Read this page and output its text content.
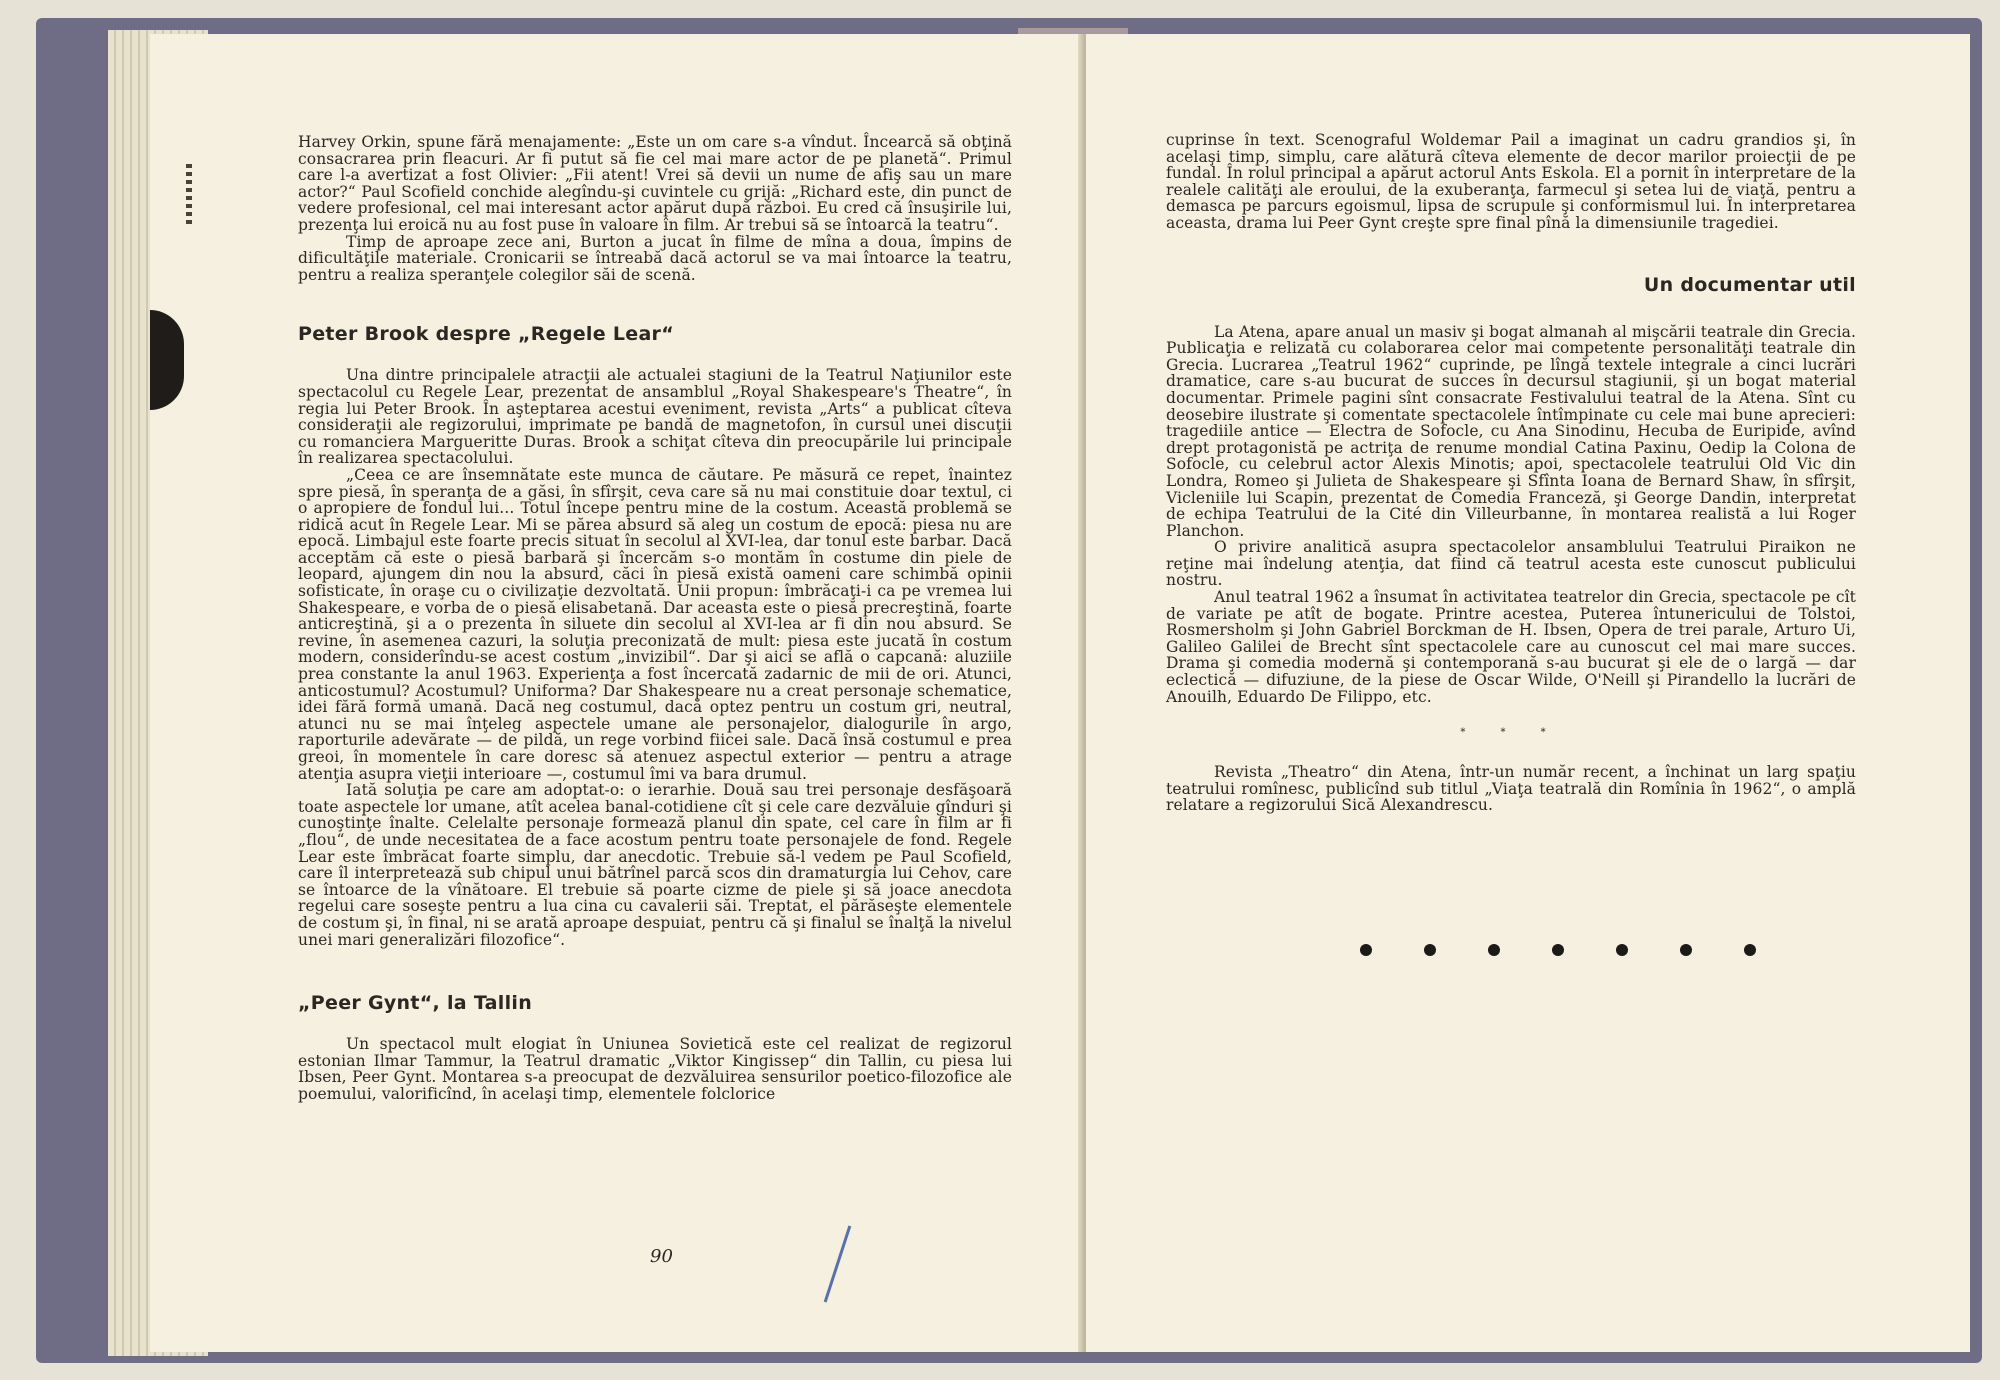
Harvey Orkin, spune fără menajamente: „Este un om care s-a vîndut. Încearcă să obţină consacrarea prin fleacuri. Ar fi putut să fie cel mai mare actor de pe planetă“. Primul care l-a avertizat a fost Olivier: „Fii atent! Vrei să devii un nume de afiş sau un mare actor?“ Paul Scofield conchide alegîndu-şi cuvintele cu grijă: „Richard este, din punct de vedere profesional, cel mai interesant actor apărut după război. Eu cred că însuşirile lui, prezenţa lui eroică nu au fost puse în valoare în film. Ar trebui să se întoarcă la teatru“.

Timp de aproape zece ani, Burton a jucat în filme de mîna a doua, împins de dificultăţile materiale. Cronicarii se întreabă dacă actorul se va mai întoarce la teatru, pentru a realiza speranţele colegilor săi de scenă.

Peter Brook despre „Regele Lear“

Una dintre principalele atracţii ale actualei stagiuni de la Teatrul Naţiunilor este spectacolul cu Regele Lear, prezentat de ansamblul „Royal Shakespeare's Theatre“, în regia lui Peter Brook. În aşteptarea acestui eveniment, revista „Arts“ a publicat cîteva consideraţii ale regizorului, imprimate pe bandă de magnetofon, în cursul unei discuţii cu romanciera Margueritte Duras. Brook a schiţat cîteva din preocupările lui principale în realizarea spectacolului.

„Ceea ce are însemnătate este munca de căutare. Pe măsură ce repet, înaintez spre piesă, în speranţa de a găsi, în sfîrşit, ceva care să nu mai constituie doar textul, ci o apropiere de fondul lui... Totul începe pentru mine de la costum. Această problemă se ridică acut în Regele Lear. Mi se părea absurd să aleg un costum de epocă: piesa nu are epocă. Limbajul este foarte precis situat în secolul al XVI-lea, dar tonul este barbar. Dacă acceptăm că este o piesă barbară şi încercăm s-o montăm în costume din piele de leopard, ajungem din nou la absurd, căci în piesă există oameni care schimbă opinii sofisticate, în oraşe cu o civilizaţie dezvoltată. Unii propun: îmbrăcaţi-i ca pe vremea lui Shakespeare, e vorba de o piesă elisabetană. Dar aceasta este o piesă precreştină, foarte anticreştină, şi a o prezenta în siluete din secolul al XVI-lea ar fi din nou absurd. Se revine, în asemenea cazuri, la soluţia preconizată de mult: piesa este jucată în costum modern, considerîndu-se acest costum „invizibil“. Dar şi aici se află o capcană: aluziile prea constante la anul 1963. Experienţa a fost încercată zadarnic de mii de ori. Atunci, anticostumul? Acostumul? Uniforma? Dar Shakespeare nu a creat personaje schematice, idei fără formă umană. Dacă neg costumul, dacă optez pentru un costum gri, neutral, atunci nu se mai înţeleg aspectele umane ale personajelor, dialogurile în argo, raporturile adevărate — de pildă, un rege vorbind fiicei sale. Dacă însă costumul e prea greoi, în momentele în care doresc să atenuez aspectul exterior — pentru a atrage atenţia asupra vieţii interioare —, costumul îmi va bara drumul.

Iată soluţia pe care am adoptat-o: o ierarhie. Două sau trei personaje desfăşoară toate aspectele lor umane, atît acelea banal-cotidiene cît şi cele care dezvăluie gînduri şi cunoştinţe înalte. Celelalte personaje formează planul din spate, cel care în film ar fi „flou“, de unde necesitatea de a face acostum pentru toate personajele de fond. Regele Lear este îmbrăcat foarte simplu, dar anecdotic. Trebuie să-l vedem pe Paul Scofield, care îl interpretează sub chipul unui bătrînel parcă scos din dramaturgia lui Cehov, care se întoarce de la vînătoare. El trebuie să poarte cizme de piele şi să joace anecdota regelui care soseşte pentru a lua cina cu cavalerii săi. Treptat, el părăseşte elementele de costum şi, în final, ni se arată aproape despuiat, pentru că şi finalul se înalţă la nivelul unei mari generalizări filozofice“.

„Peer Gynt“, la Tallin

Un spectacol mult elogiat în Uniunea Sovietică este cel realizat de regizorul estonian Ilmar Tammur, la Teatrul dramatic „Viktor Kingissep“ din Tallin, cu piesa lui Ibsen, Peer Gynt. Montarea s-a preocupat de dezvăluirea sensurilor poetico-filozofice ale poemului, valorificînd, în acelaşi timp, elementele folclorice

90

cuprinse în text. Scenograful Woldemar Pail a imaginat un cadru grandios şi, în acelaşi timp, simplu, care alătură cîteva elemente de decor marilor proiecţii de pe fundal. În rolul principal a apărut actorul Ants Eskola. El a pornit în interpretare de la realele calităţi ale eroului, de la exuberanţa, farmecul şi setea lui de viaţă, pentru a demasca pe parcurs egoismul, lipsa de scrupule şi conformismul lui. În interpretarea aceasta, drama lui Peer Gynt creşte spre final pînă la dimensiunile tragediei.

Un documentar util

La Atena, apare anual un masiv şi bogat almanah al mişcării teatrale din Grecia. Publicaţia e relizată cu colaborarea celor mai competente personalităţi teatrale din Grecia. Lucrarea „Teatrul 1962“ cuprinde, pe lîngă textele integrale a cinci lucrări dramatice, care s-au bucurat de succes în decursul stagiunii, şi un bogat material documentar. Primele pagini sînt consacrate Festivalului teatral de la Atena. Sînt cu deosebire ilustrate şi comentate spectacolele întîmpinate cu cele mai bune aprecieri: tragediile antice — Electra de Sofocle, cu Ana Sinodinu, Hecuba de Euripide, avînd drept protagonistă pe actriţa de renume mondial Catina Paxinu, Oedip la Colona de Sofocle, cu celebrul actor Alexis Minotis; apoi, spectacolele teatrului Old Vic din Londra, Romeo şi Julieta de Shakespeare şi Sfînta Ioana de Bernard Shaw, în sfîrşit, Vicleniile lui Scapin, prezentat de Comedia Franceză, şi George Dandin, interpretat de echipa Teatrului de la Cité din Villeurbanne, în montarea realistă a lui Roger Planchon.

O privire analitică asupra spectacolelor ansamblului Teatrului Piraikon ne reţine mai îndelung atenţia, dat fiind că teatrul acesta este cunoscut publicului nostru.

Anul teatral 1962 a însumat în activitatea teatrelor din Grecia, spectacole pe cît de variate pe atît de bogate. Printre acestea, Puterea întunericului de Tolstoi, Rosmersholm şi John Gabriel Borckman de H. Ibsen, Opera de trei parale, Arturo Ui, Galileo Galilei de Brecht sînt spectacolele care au cunoscut cel mai mare succes. Drama şi comedia modernă şi contemporană s-au bucurat şi ele de o largă — dar eclectică — difuziune, de la piese de Oscar Wilde, O'Neill şi Pirandello la lucrări de Anouilh, Eduardo De Filippo, etc.

* * *

Revista „Theatro“ din Atena, într-un număr recent, a închinat un larg spaţiu teatrului romînesc, publicînd sub titlul „Viaţa teatrală din Romînia în 1962“, o amplă relatare a regizorului Sică Alexandrescu.
